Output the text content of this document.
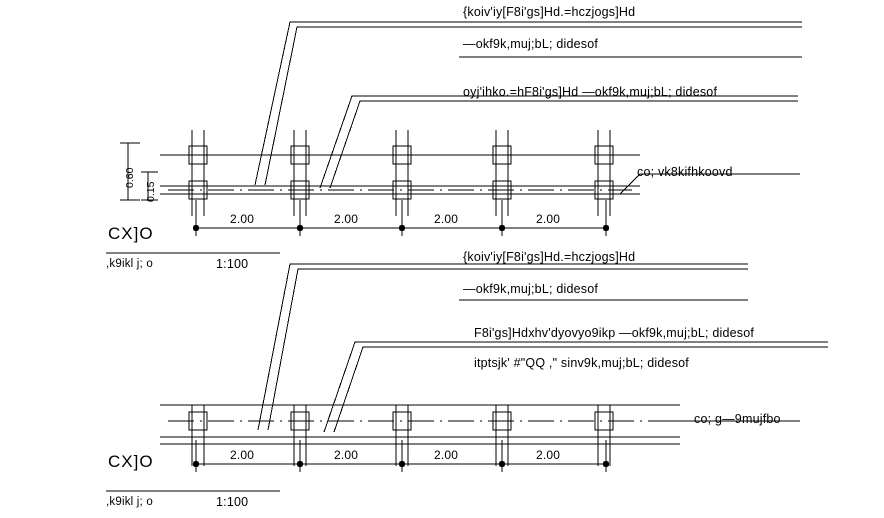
{koiv'iy[F8i'gs]Hd.=hczjogs]Hd
—okf9k,muj;bL; didesof
oyj'ihko.=hF8i'gs]Hd —okf9k,muj;bL; didesof
co; vk8kifhkoovd
0.60
0.15
2.00	2.00	2.00	2.00
CX]O
,k9ikl j; o	1:100	{koiv'iy[F8i'gs]Hd.=hczjogs]Hd
—okf9k,muj;bL; didesof
F8i'gs]Hdxhv'dyovyo9ikp —okf9k,muj;bL; didesof
itptsjk' #"QQ ," sinv9k,muj;bL; didesof
co; g—9mujfbo
2.00	2.00	2.00	2.00
CX]O
,k9ikl j; o	1:100
